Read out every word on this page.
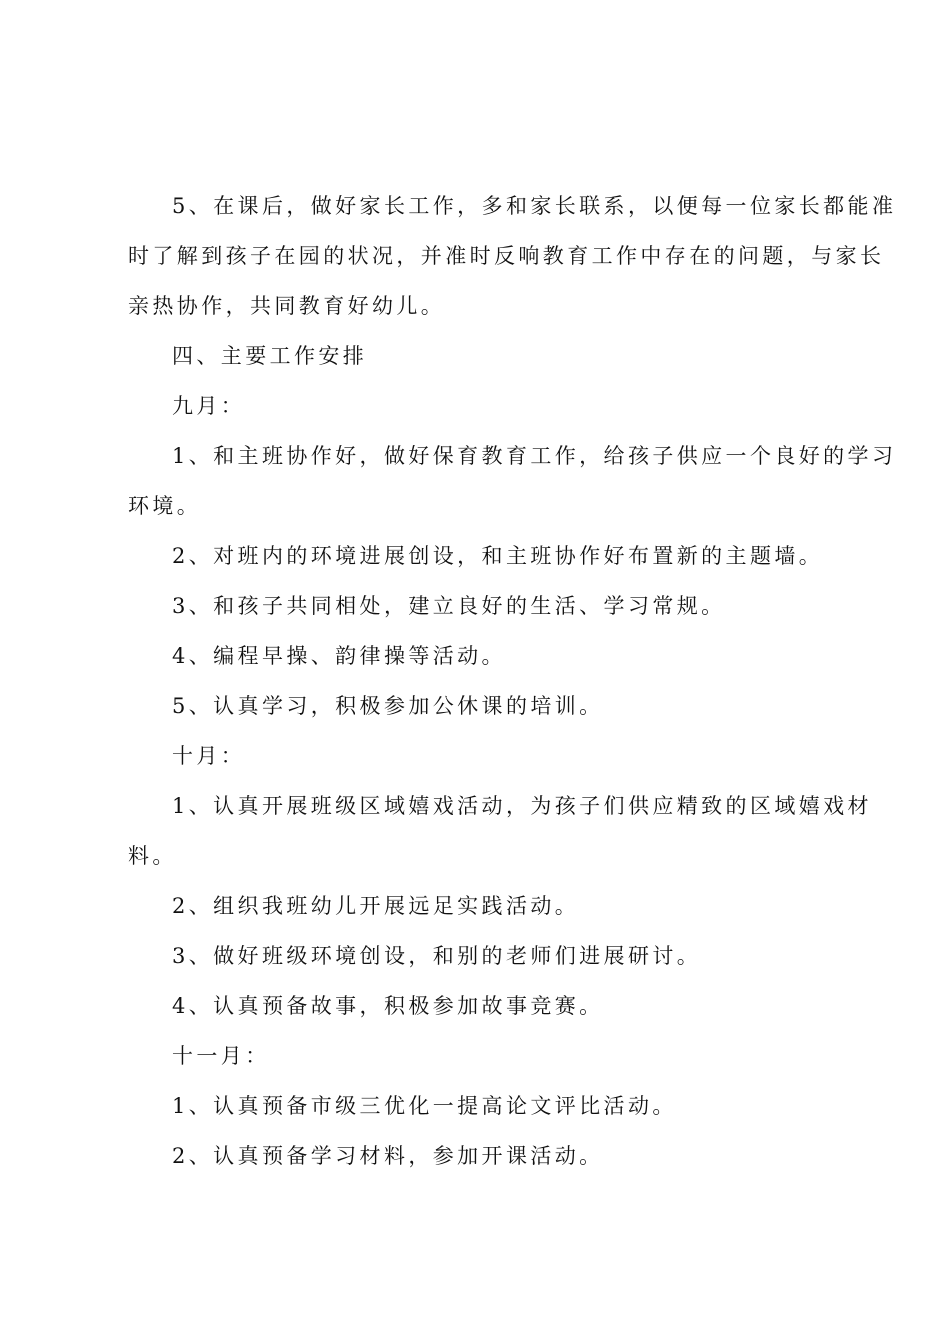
5、在课后，做好家长工作，多和家长联系，以便每一位家长都能准
时了解到孩子在园的状况，并准时反响教育工作中存在的问题，与家长
亲热协作，共同教育好幼儿。
四、主要工作安排
九月：
1、和主班协作好，做好保育教育工作，给孩子供应一个良好的学习
环境。
2、对班内的环境进展创设，和主班协作好布置新的主题墙。
3、和孩子共同相处，建立良好的生活、学习常规。
4、编程早操、韵律操等活动。
5、认真学习，积极参加公休课的培训。
十月：
1、认真开展班级区域嬉戏活动，为孩子们供应精致的区域嬉戏材
料。
2、组织我班幼儿开展远足实践活动。
3、做好班级环境创设，和别的老师们进展研讨。
4、认真预备故事，积极参加故事竞赛。
十一月：
1、认真预备市级三优化一提高论文评比活动。
2、认真预备学习材料，参加开课活动。
